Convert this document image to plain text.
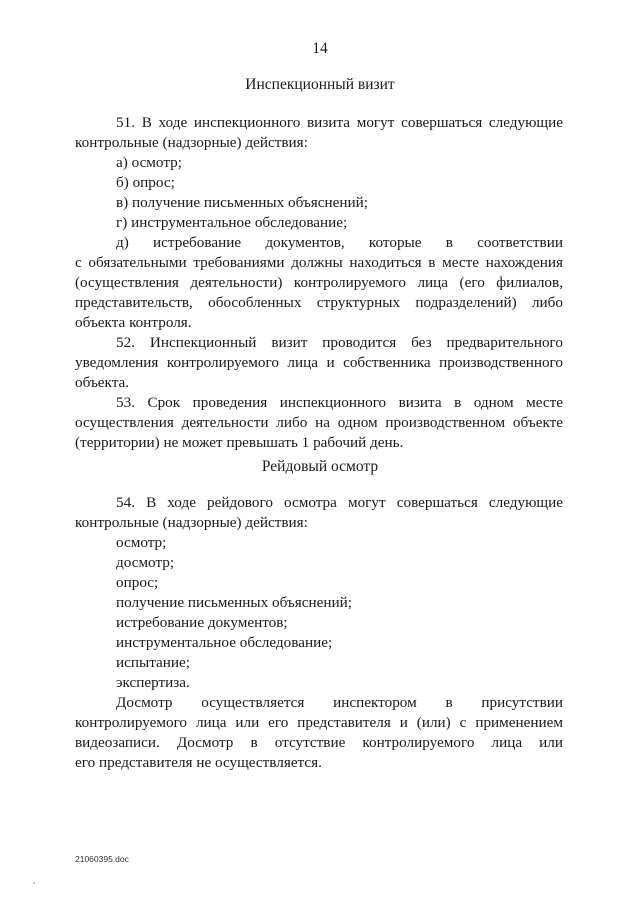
14
Инспекционный визит
51. В ходе инспекционного визита могут совершаться следующие
контрольные (надзорные) действия:
а) осмотр;
б) опрос;
в) получение письменных объяснений;
г) инструментальное обследование;
д) истребование документов, которые в соответствии
с обязательными требованиями должны находиться в месте нахождения
(осуществления деятельности) контролируемого лица (его филиалов,
представительств, обособленных структурных подразделений) либо
объекта контроля.
52. Инспекционный визит проводится без предварительного
уведомления контролируемого лица и собственника производственного
объекта.
53. Срок проведения инспекционного визита в одном месте
осуществления деятельности либо на одном производственном объекте
(территории) не может превышать 1 рабочий день.
Рейдовый осмотр
54. В ходе рейдового осмотра могут совершаться следующие
контрольные (надзорные) действия:
осмотр;
досмотр;
опрос;
получение письменных объяснений;
истребование документов;
инструментальное обследование;
испытание;
экспертиза.
Досмотр осуществляется инспектором в присутствии
контролируемого лица или его представителя и (или) с применением
видеозаписи. Досмотр в отсутствие контролируемого лица или
его представителя не осуществляется.
21060395.doc
